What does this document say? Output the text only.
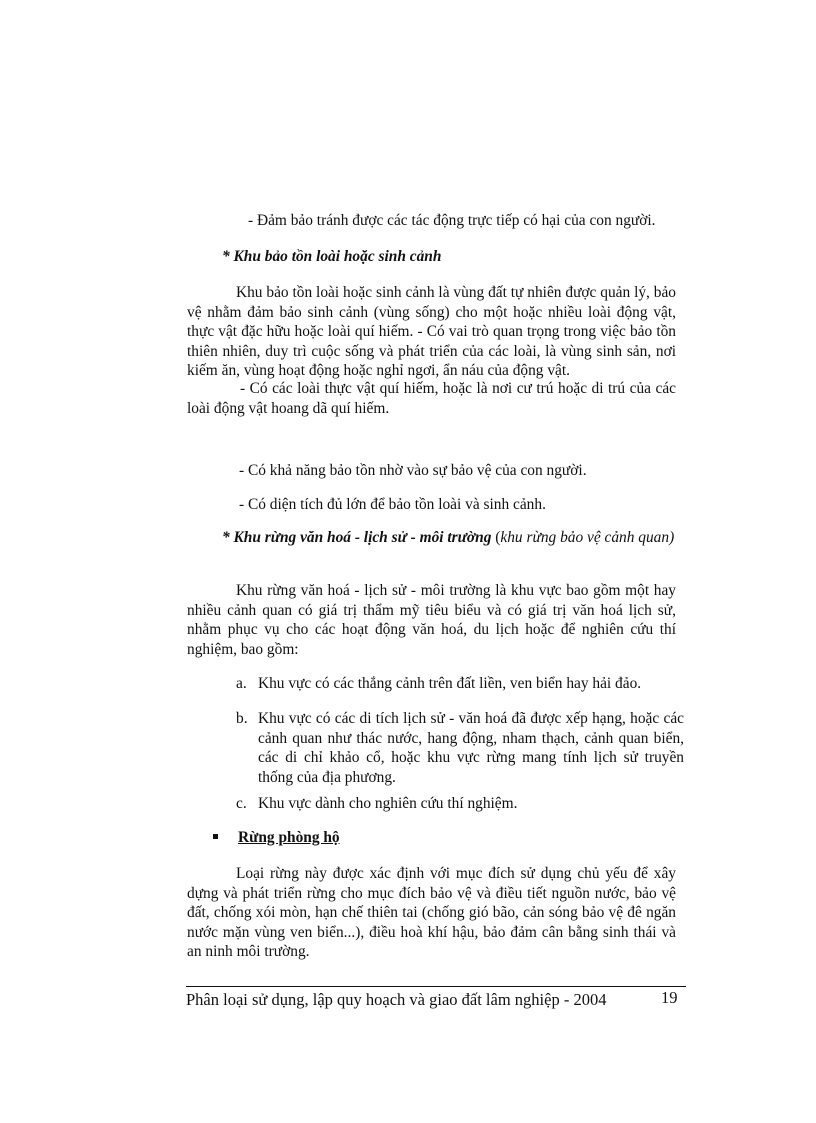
- Đảm bảo tránh được các tác động trực tiếp có hại của con người.

* Khu bảo tồn loài hoặc sinh cảnh

Khu bảo tồn loài hoặc sinh cảnh là vùng đất tự nhiên được quản lý, bảo vệ nhằm đảm bảo sinh cảnh (vùng sống) cho một hoặc nhiều loài động vật, thực vật đặc hữu hoặc loài quí hiếm. - Có vai trò quan trọng trong việc bảo tồn thiên nhiên, duy trì cuộc sống và phát triển của các loài, là vùng sinh sản, nơi kiếm ăn, vùng hoạt động hoặc nghỉ ngơi, ẩn náu của động vật.

- Có các loài thực vật quí hiếm, hoặc là nơi cư trú hoặc di trú của các loài động vật hoang dã quí hiếm.

- Có khả năng bảo tồn nhờ vào sự bảo vệ của con người.

- Có diện tích đủ lớn để bảo tồn loài và sinh cảnh.

* Khu rừng văn hoá - lịch sử - môi trường (khu rừng bảo vệ cảnh quan)

Khu rừng văn hoá - lịch sử - môi trường là khu vực bao gồm một hay nhiều cảnh quan có giá trị thẩm mỹ tiêu biểu và có giá trị văn hoá lịch sử, nhằm phục vụ cho các hoạt động văn hoá, du lịch hoặc để nghiên cứu thí nghiệm, bao gồm:

a. Khu vực có các thắng cảnh trên đất liền, ven biển hay hải đảo.
b. Khu vực có các di tích lịch sử - văn hoá đã được xếp hạng, hoặc các cảnh quan như thác nước, hang động, nham thạch, cảnh quan biển, các di chỉ khảo cổ, hoặc khu vực rừng mang tính lịch sử truyền thống của địa phương.
c. Khu vực dành cho nghiên cứu thí nghiệm.

Rừng phòng hộ

Loại rừng này được xác định với mục đích sử dụng chủ yếu để xây dựng và phát triển rừng cho mục đích bảo vệ và điều tiết nguồn nước, bảo vệ đất, chống xói mòn, hạn chế thiên tai (chống gió bão, cản sóng bảo vệ đê ngăn nước mặn vùng ven biển...), điều hoà khí hậu, bảo đảm cân bằng sinh thái và an ninh môi trường.

Phân loại sử dụng, lập quy hoạch và giao đất lâm nghiệp - 2004	19
